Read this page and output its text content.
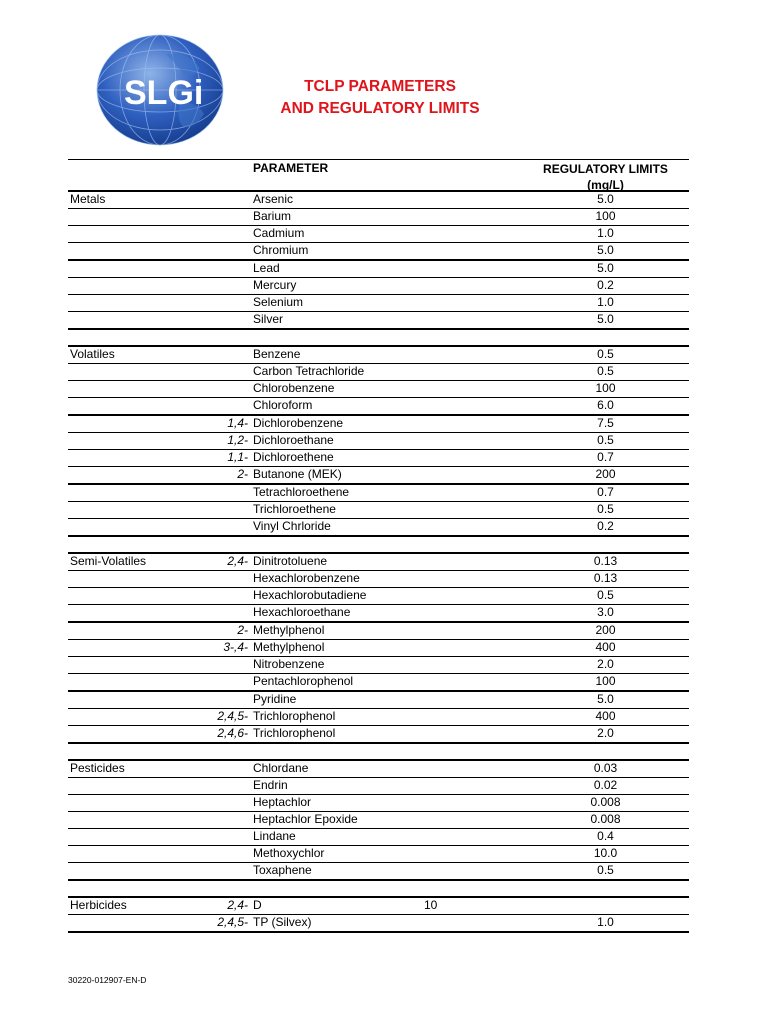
SLGi	TCLP PARAMETERS
AND REGULATORY LIMITS
PARAMETER	REGULATORY LIMITS
(mg/L)
Metals	Arsenic	5.0
Barium	100
Cadmium	1.0
Chromium	5.0
Lead	5.0
Mercury	0.2
Selenium	1.0
Silver	5.0
Volatiles	Benzene	0.5
Carbon Tetrachloride	0.5
Chlorobenzene	100
Chloroform	6.0
1,4- Dichlorobenzene	7.5
1,2- Dichloroethane	0.5
1,1- Dichloroethene	0.7
2- Butanone (MEK)	200
Tetrachloroethene	0.7
Trichloroethene	0.5
Vinyl Chrloride	0.2
Semi-Volatiles	2,4- Dinitrotoluene	0.13
Hexachlorobenzene	0.13
Hexachlorobutadiene	0.5
Hexachloroethane	3.0
2- Methylphenol	200
3-,4- Methylphenol	400
Nitrobenzene	2.0
Pentachlorophenol	100
Pyridine	5.0
2,4,5- Trichlorophenol	400
2,4,6- Trichlorophenol	2.0
Pesticides	Chlordane	0.03
Endrin	0.02
Heptachlor	0.008
Heptachlor Epoxide	0.008
Lindane	0.4
Methoxychlor	10.0
Toxaphene	0.5
Herbicides	2,4- D	10
2,4,5- TP (Silvex)	1.0
30220-012907-EN-D
